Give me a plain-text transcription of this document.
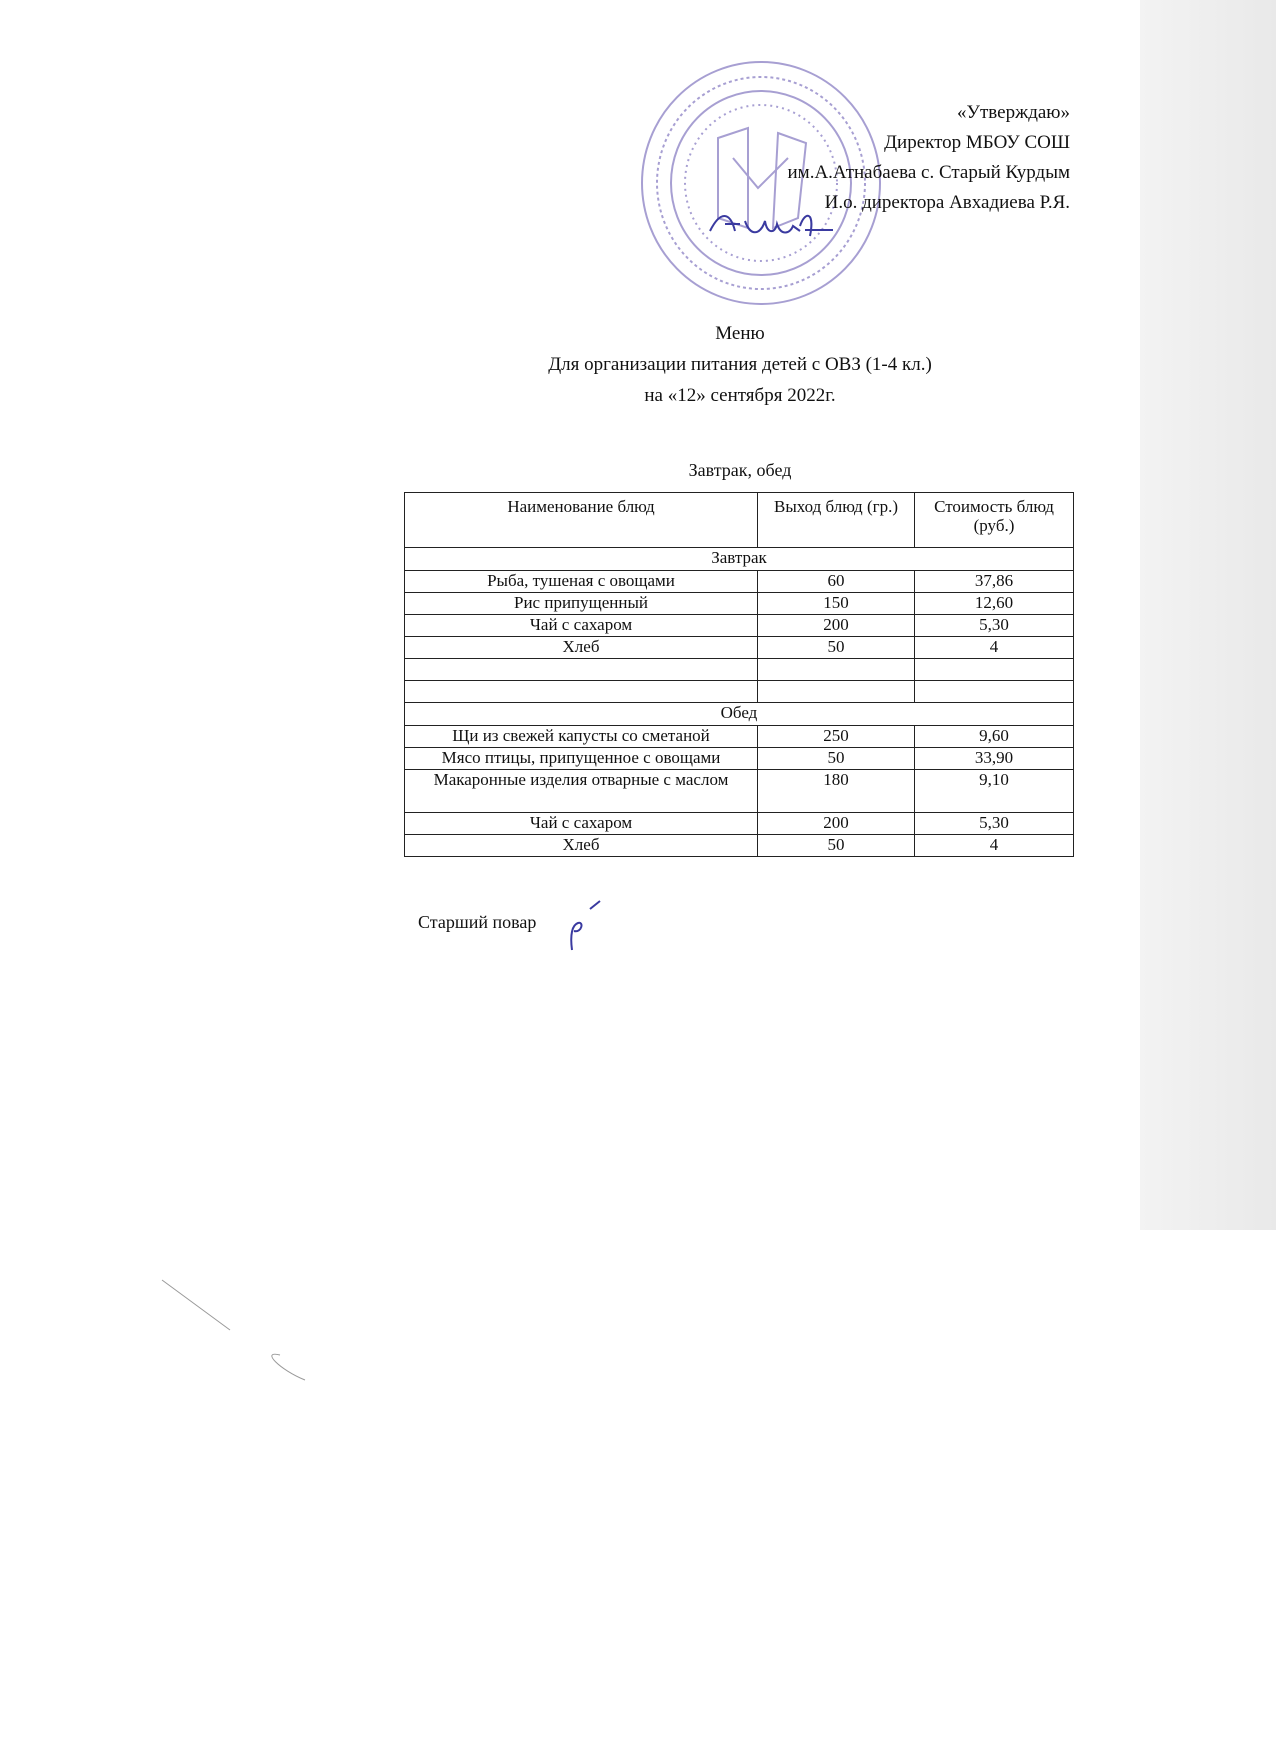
«Утверждаю»
Директор МБОУ СОШ
им.А.Атнабаева с. Старый Курдым
И.о. директора Авхадиева Р.Я.
Меню
Для организации питания детей с ОВЗ (1-4 кл.)
на «12» сентября 2022г.
Завтрак, обед
Наименование блюд	Выход блюд (гр.)	Стоимость блюд (руб.)
Завтрак		
Рыба, тушеная с овощами	60	37,86
Рис припущенный	150	12,60
Чай с сахаром	200	5,30
Хлеб	50	4

Обед		
Щи из свежей капусты со сметаной	250	9,60
Мясо птицы, припущенное с овощами	50	33,90
Макаронные изделия отварные с маслом	180	9,10
Чай с сахаром	200	5,30
Хлеб	50	4
Старший повар
